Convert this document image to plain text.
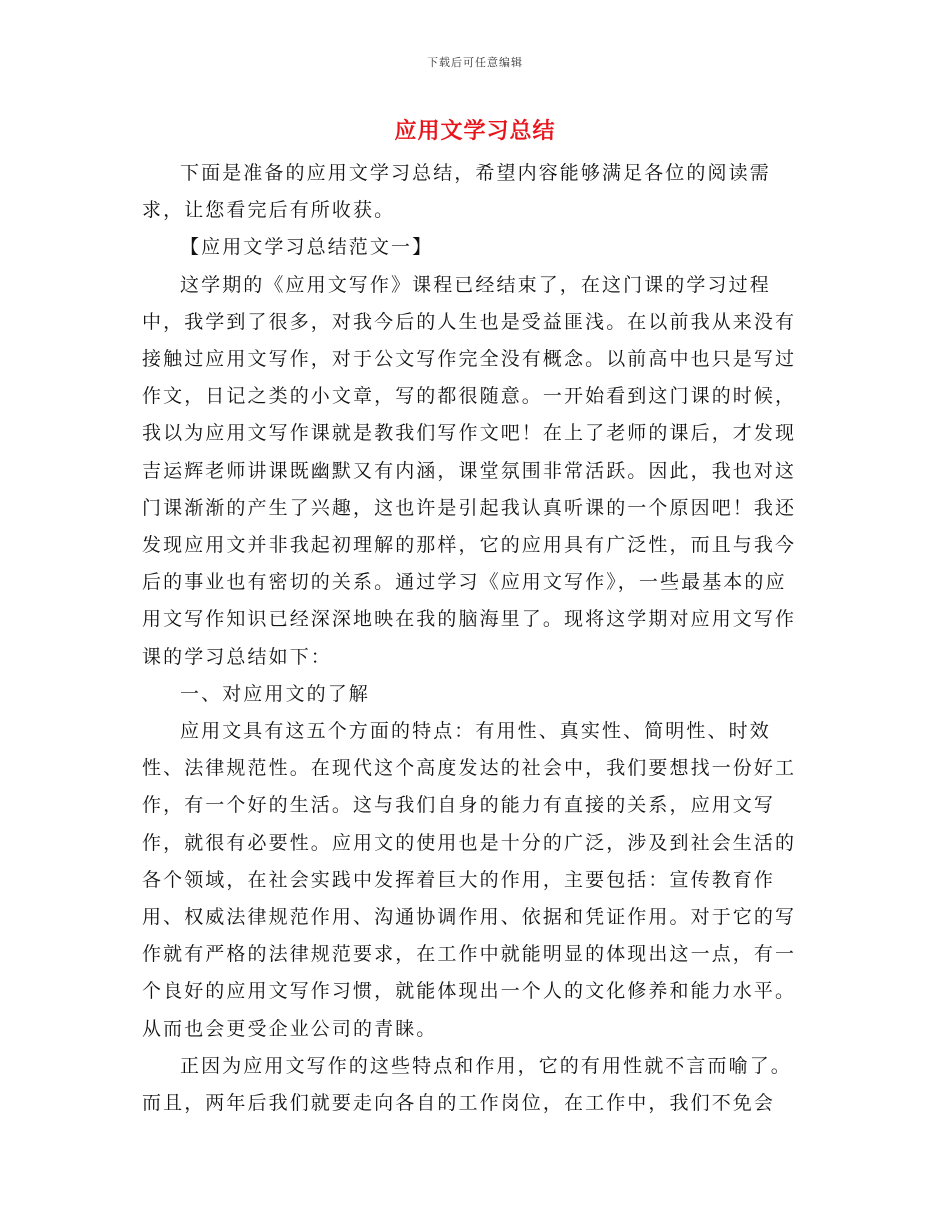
下载后可任意编辑
应用文学习总结

下面是准备的应用文学习总结，希望内容能够满足各位的阅读需求，让您看完后有所收获。

【应用文学习总结范文一】

这学期的《应用文写作》课程已经结束了，在这门课的学习过程中，我学到了很多，对我今后的人生也是受益匪浅。在以前我从来没有接触过应用文写作，对于公文写作完全没有概念。以前高中也只是写过作文，日记之类的小文章，写的都很随意。一开始看到这门课的时候，我以为应用文写作课就是教我们写作文吧！在上了老师的课后，才发现吉运辉老师讲课既幽默又有内涵，课堂氛围非常活跃。因此，我也对这门课渐渐的产生了兴趣，这也许是引起我认真听课的一个原因吧！我还发现应用文并非我起初理解的那样，它的应用具有广泛性，而且与我今后的事业也有密切的关系。通过学习《应用文写作》，一些最基本的应用文写作知识已经深深地映在我的脑海里了。现将这学期对应用文写作课的学习总结如下：

一、对应用文的了解

应用文具有这五个方面的特点：有用性、真实性、简明性、时效性、法律规范性。在现代这个高度发达的社会中，我们要想找一份好工作，有一个好的生活。这与我们自身的能力有直接的关系，应用文写作，就很有必要性。应用文的使用也是十分的广泛，涉及到社会生活的各个领域，在社会实践中发挥着巨大的作用，主要包括：宣传教育作用、权威法律规范作用、沟通协调作用、依据和凭证作用。对于它的写作就有严格的法律规范要求，在工作中就能明显的体现出这一点，有一个良好的应用文写作习惯，就能体现出一个人的文化修养和能力水平。从而也会更受企业公司的青睐。

正因为应用文写作的这些特点和作用，它的有用性就不言而喻了。而且，两年后我们就要走向各自的工作岗位，在工作中，我们不免会
